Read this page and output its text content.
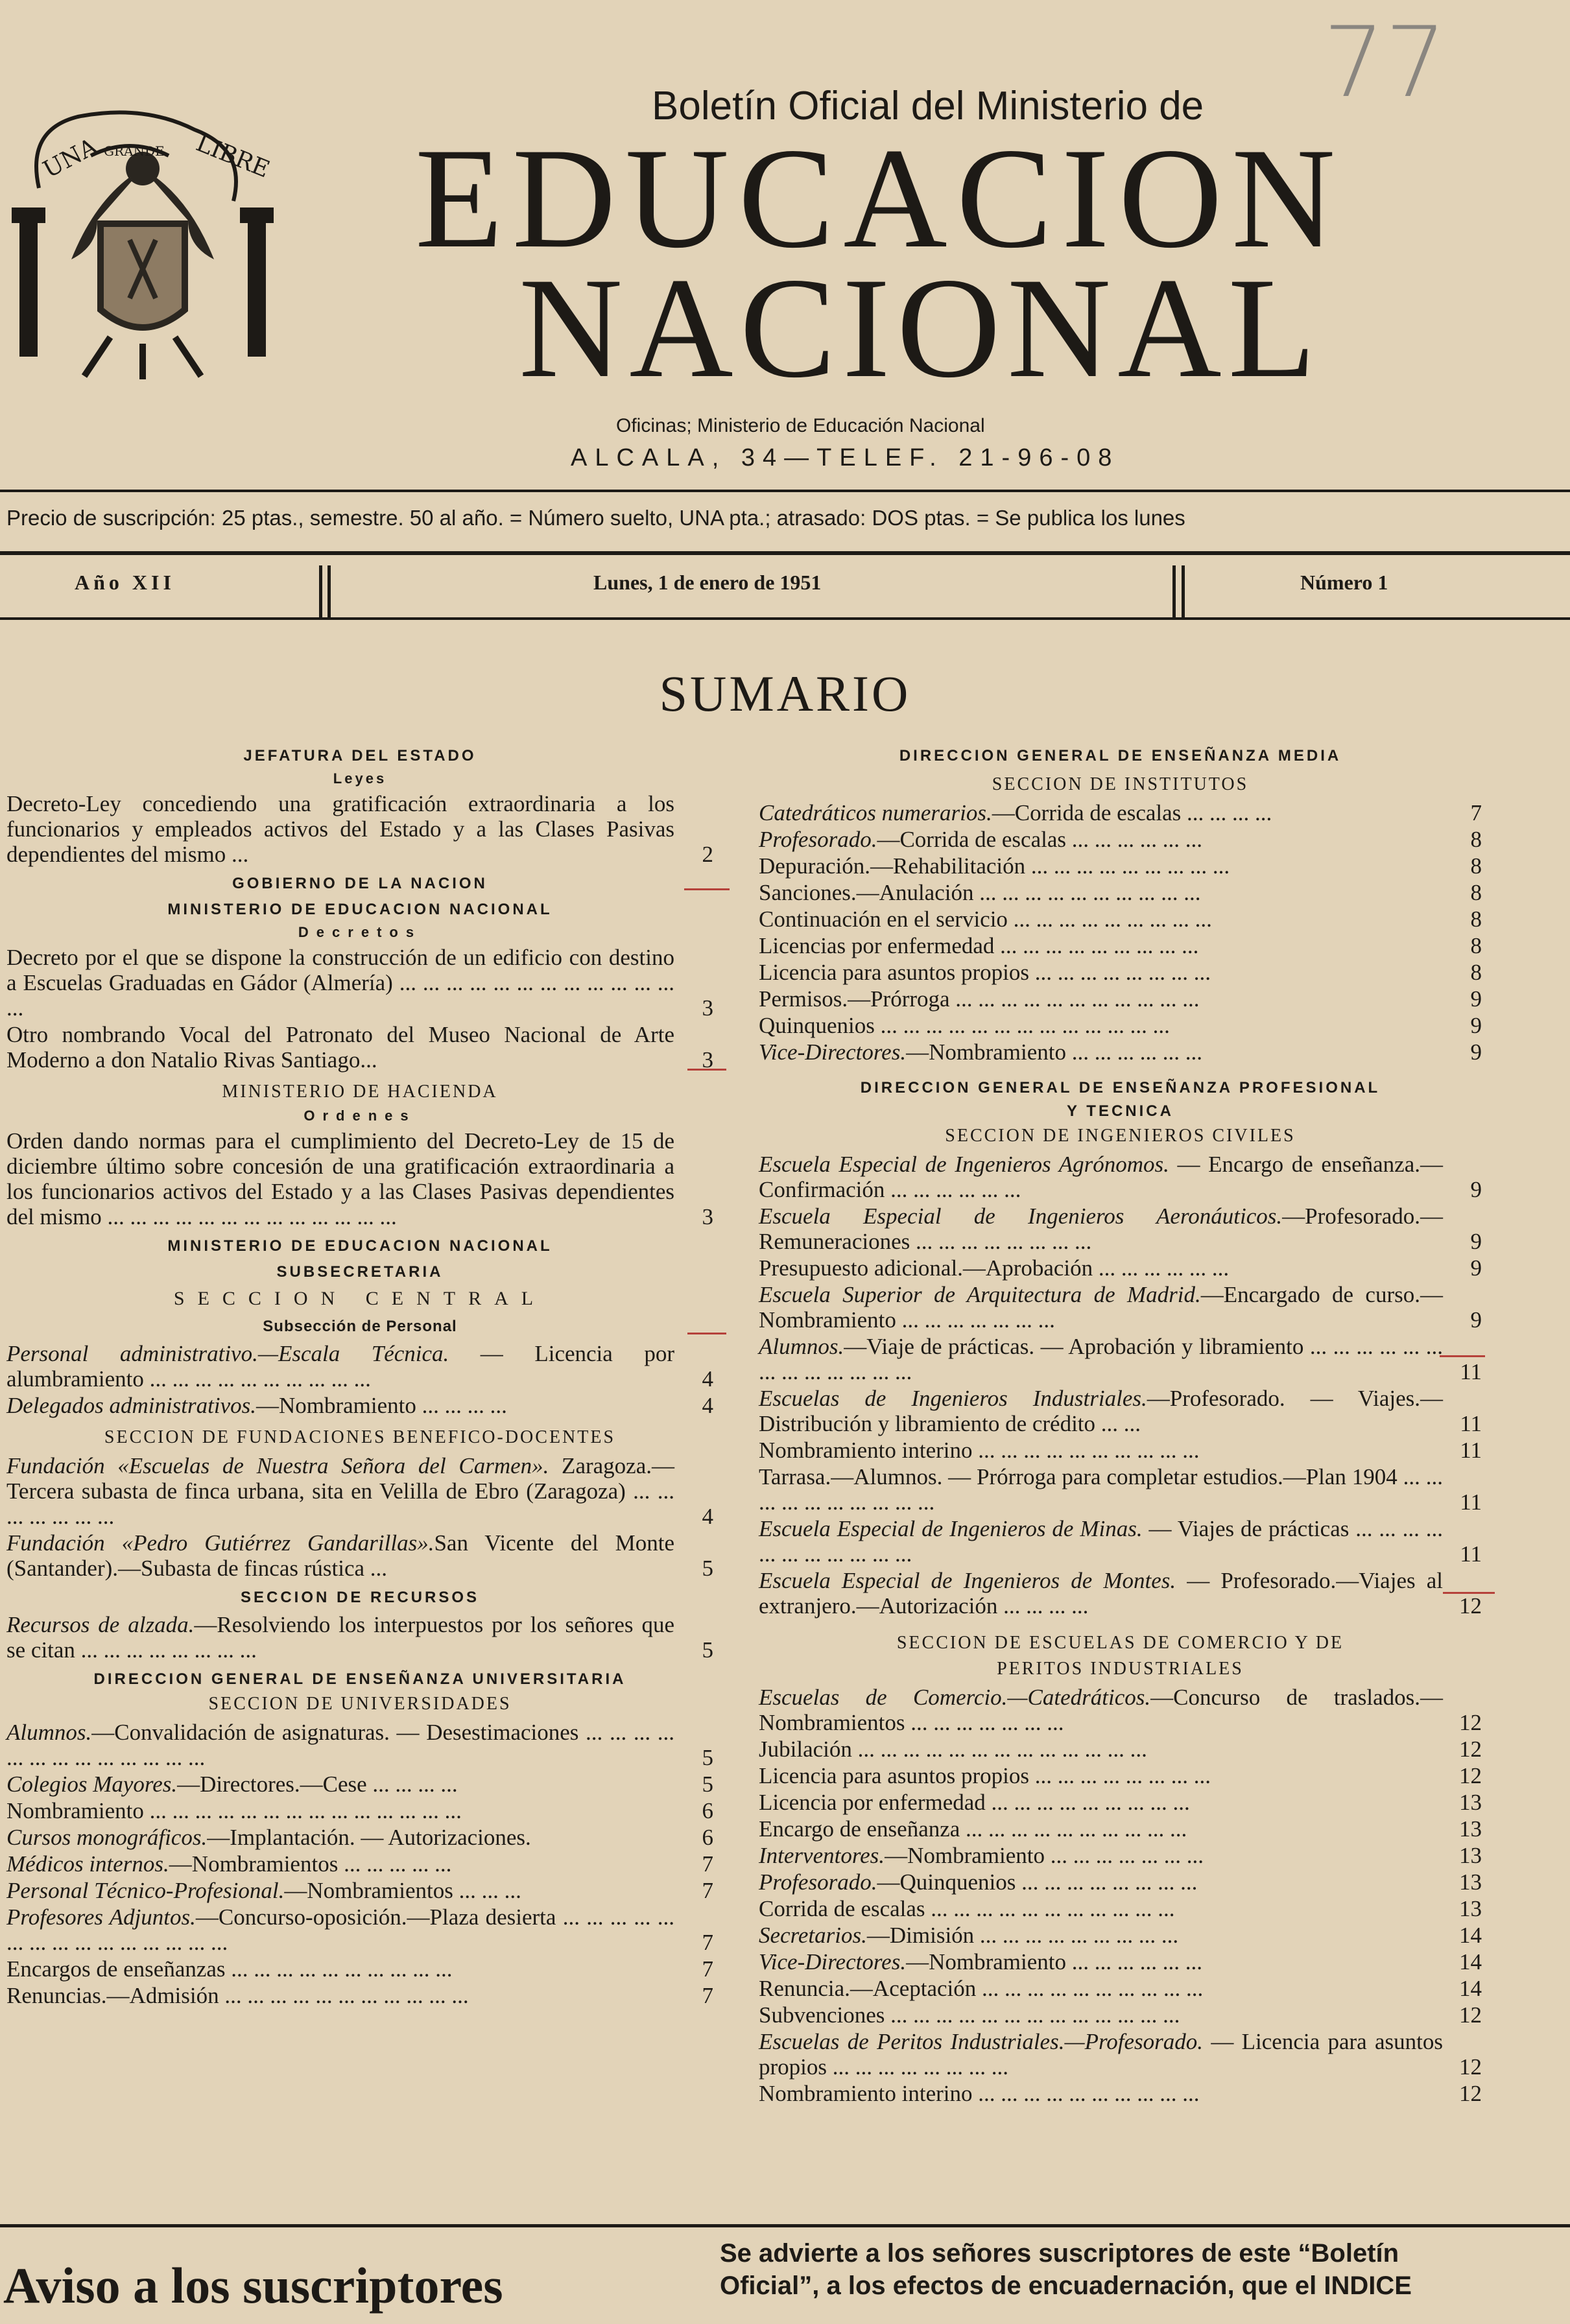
77
UNA GRANDE LIBRE
Boletín Oficial del Ministerio de
EDUCACION
NACIONAL
Oficinas; Ministerio de Educación Nacional
ALCALA, 34—TELEF. 21-96-08
Precio de suscripción: 25 ptas., semestre. 50 al año. = Número suelto, UNA pta.; atrasado: DOS ptas. = Se publica los lunes
Año XII	Lunes, 1 de enero de 1951	Número 1
SUMARIO
JEFATURA DEL ESTADO
Leyes
Decreto-Ley concediendo una gratificación extraordinaria a los funcionarios y empleados activos del Estado y a las Clases Pasivas dependientes del mismo ...	2
GOBIERNO DE LA NACION
MINISTERIO DE EDUCACION NACIONAL
Decretos
Decreto por el que se dispone la construcción de un edificio con destino a Escuelas Graduadas en Gádor (Almería) ... ... ... ... ... ... ... ... ... ... ... ... ...	3
Otro nombrando Vocal del Patronato del Museo Nacional de Arte Moderno a don Natalio Rivas Santiago...	3
MINISTERIO DE HACIENDA
Ordenes
Orden dando normas para el cumplimiento del Decreto-Ley de 15 de diciembre último sobre concesión de una gratificación extraordinaria a los funcionarios activos del Estado y a las Clases Pasivas dependientes del mismo ... ... ... ... ... ... ... ... ... ... ... ... ...	3
MINISTERIO DE EDUCACION NACIONAL
SUBSECRETARIA
SECCION CENTRAL
Subsección de Personal
Personal administrativo.—Escala Técnica. — Licencia por alumbramiento ... ... ... ... ... ... ... ... ... ...	4
Delegados administrativos.—Nombramiento ... ... ... ...	4
SECCION DE FUNDACIONES BENEFICO-DOCENTES
Fundación «Escuelas de Nuestra Señora del Carmen». Zaragoza.—Tercera subasta de finca urbana, sita en Velilla de Ebro (Zaragoza) ... ... ... ... ... ... ...	4
Fundación «Pedro Gutiérrez Gandarillas».San Vicente del Monte (Santander).—Subasta de fincas rústica ...	5
SECCION DE RECURSOS
Recursos de alzada.—Resolviendo los interpuestos por los señores que se citan ... ... ... ... ... ... ... ...	5
DIRECCION GENERAL DE ENSEÑANZA UNIVERSITARIA
SECCION DE UNIVERSIDADES
Alumnos.—Convalidación de asignaturas. — Desestimaciones ... ... ... ... ... ... ... ... ... ... ... ... ...	5
Colegios Mayores.—Directores.—Cese ... ... ... ...	5
Nombramiento ... ... ... ... ... ... ... ... ... ... ... ... ... ...	6
Cursos monográficos.—Implantación. — Autorizaciones.	6
Médicos internos.—Nombramientos ... ... ... ... ...	7
Personal Técnico-Profesional.—Nombramientos ... ... ...	7
Profesores Adjuntos.—Concurso-oposición.—Plaza desierta ... ... ... ... ... ... ... ... ... ... ... ... ... ... ...	7
Encargos de enseñanzas ... ... ... ... ... ... ... ... ... ...	7
Renuncias.—Admisión ... ... ... ... ... ... ... ... ... ... ...	7
DIRECCION GENERAL DE ENSEÑANZA MEDIA
SECCION DE INSTITUTOS
Catedráticos numerarios.—Corrida de escalas ... ... ... ...	7
Profesorado.—Corrida de escalas ... ... ... ... ... ...	8
Depuración.—Rehabilitación ... ... ... ... ... ... ... ... ...	8
Sanciones.—Anulación ... ... ... ... ... ... ... ... ... ...	8
Continuación en el servicio ... ... ... ... ... ... ... ... ...	8
Licencias por enfermedad ... ... ... ... ... ... ... ... ...	8
Licencia para asuntos propios ... ... ... ... ... ... ... ...	8
Permisos.—Prórroga ... ... ... ... ... ... ... ... ... ... ...	9
Quinquenios ... ... ... ... ... ... ... ... ... ... ... ... ...	9
Vice-Directores.—Nombramiento ... ... ... ... ... ...	9
DIRECCION GENERAL DE ENSEÑANZA PROFESIONAL
Y TECNICA
SECCION DE INGENIEROS CIVILES
Escuela Especial de Ingenieros Agrónomos. — Encargo de enseñanza.—Confirmación ... ... ... ... ... ...	9
Escuela Especial de Ingenieros Aeronáuticos.—Profesorado.—Remuneraciones ... ... ... ... ... ... ... ...	9
Presupuesto adicional.—Aprobación ... ... ... ... ... ...	9
Escuela Superior de Arquitectura de Madrid.—Encargado de curso.—Nombramiento ... ... ... ... ... ... ...	9
Alumnos.—Viaje de prácticas. — Aprobación y libramiento ... ... ... ... ... ... ... ... ... ... ... ... ...	11
Escuelas de Ingenieros Industriales.—Profesorado. — Viajes.—Distribución y libramiento de crédito ... ...	11
Nombramiento interino ... ... ... ... ... ... ... ... ... ...	11
Tarrasa.—Alumnos. — Prórroga para completar estudios.—Plan 1904 ... ... ... ... ... ... ... ... ... ...	11
Escuela Especial de Ingenieros de Minas. — Viajes de prácticas ... ... ... ... ... ... ... ... ... ... ...	11
Escuela Especial de Ingenieros de Montes. — Profesorado.—Viajes al extranjero.—Autorización ... ... ... ...	12
SECCION DE ESCUELAS DE COMERCIO Y DE
PERITOS INDUSTRIALES
Escuelas de Comercio.—Catedráticos.—Concurso de traslados.—Nombramientos ... ... ... ... ... ... ...	12
Jubilación ... ... ... ... ... ... ... ... ... ... ... ... ...	12
Licencia para asuntos propios ... ... ... ... ... ... ... ...	12
Licencia por enfermedad ... ... ... ... ... ... ... ... ...	13
Encargo de enseñanza ... ... ... ... ... ... ... ... ... ...	13
Interventores.—Nombramiento ... ... ... ... ... ... ...	13
Profesorado.—Quinquenios ... ... ... ... ... ... ... ...	13
Corrida de escalas ... ... ... ... ... ... ... ... ... ... ...	13
Secretarios.—Dimisión ... ... ... ... ... ... ... ... ...	14
Vice-Directores.—Nombramiento ... ... ... ... ... ...	14
Renuncia.—Aceptación ... ... ... ... ... ... ... ... ... ...	14
Subvenciones ... ... ... ... ... ... ... ... ... ... ... ... ...	12
Escuelas de Peritos Industriales.—Profesorado. — Licencia para asuntos propios ... ... ... ... ... ... ... ...	12
Nombramiento interino ... ... ... ... ... ... ... ... ... ...	12
Aviso a los suscriptores
Se advierte a los señores suscriptores de este “Boletín
Oficial”, a los efectos de encuadernación, que el INDICE
